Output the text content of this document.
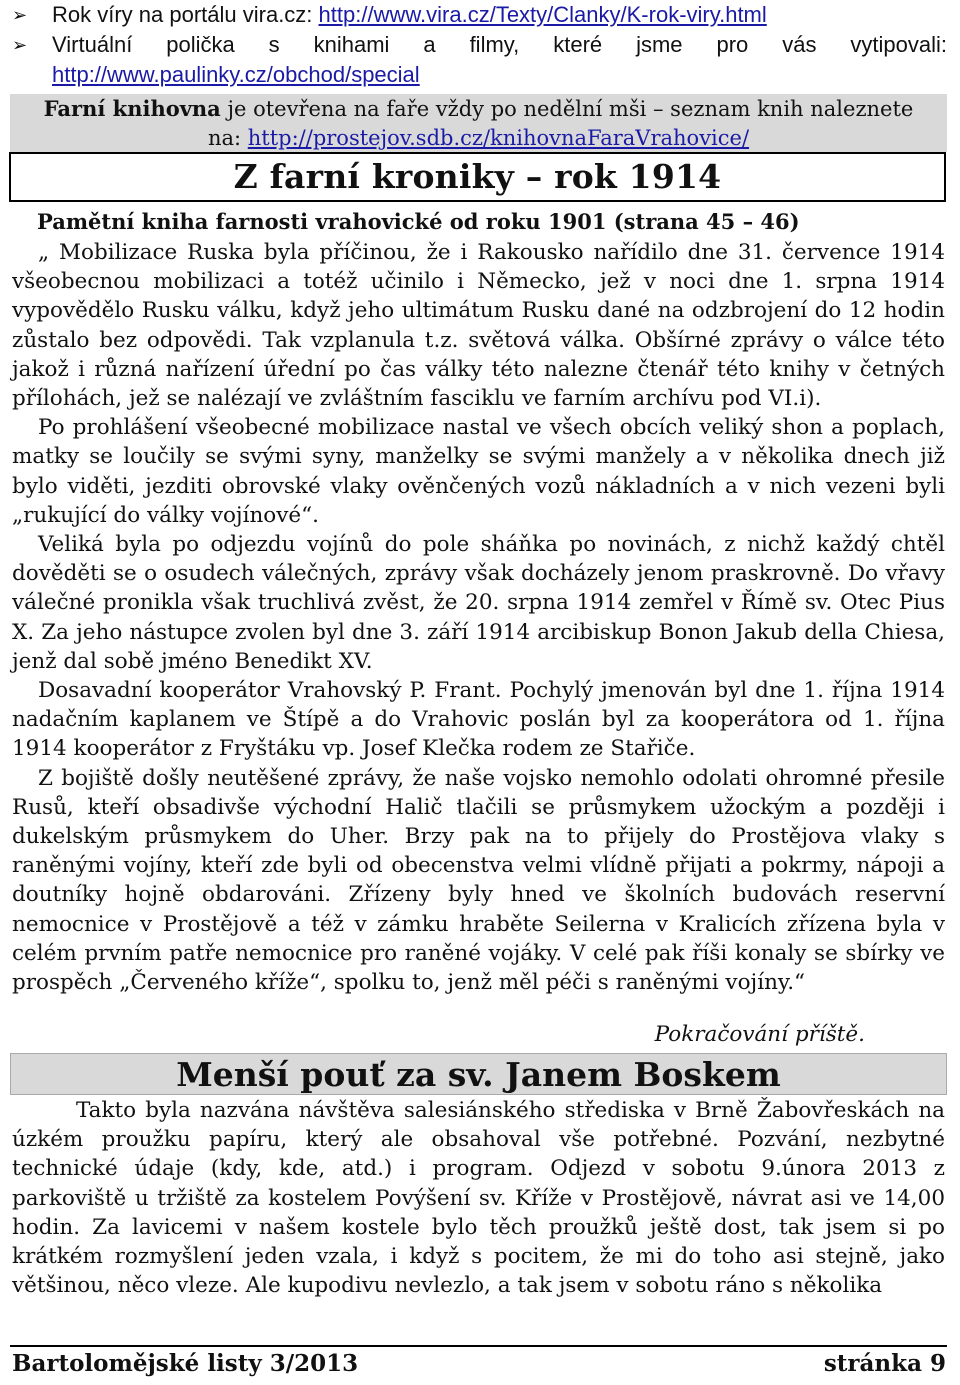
➢	Rok víry na portálu vira.cz: http://www.vira.cz/Texty/Clanky/K-rok-viry.html
➢	Virtuální polička s knihami a filmy, které jsme pro vás vytipovali: http://www.paulinky.cz/obchod/special
Farní knihovna je otevřena na faře vždy po nedělní mši – seznam knih naleznete
na: http://prostejov.sdb.cz/knihovnaFaraVrahovice/
Z farní kroniky – rok 1914
Pamětní kniha farnosti vrahovické od roku 1901 (strana 45 – 46)

„ Mobilizace Ruska byla příčinou, že i Rakousko nařídilo dne 31. července 1914 všeobecnou mobilizaci a totéž učinilo i Německo, jež v noci dne 1. srpna 1914 vypovědělo Rusku válku, když jeho ultimátum Rusku dané na odzbrojení do 12 hodin zůstalo bez odpovědi. Tak vzplanula t.z. světová válka. Obšírné zprávy o válce této jakož i různá nařízení úřední po čas války této nalezne čtenář této knihy v četných přílohách, jež se nalézají ve zvláštním fasciklu ve farním archívu pod VI.i).

Po prohlášení všeobecné mobilizace nastal ve všech obcích veliký shon a poplach, matky se loučily se svými syny, manželky se svými manžely a v několika dnech již bylo viděti, jezditi obrovské vlaky ověnčených vozů nákladních a v nich vezeni byli „rukující do války vojínové“.

Veliká byla po odjezdu vojínů do pole sháňka po novinách, z nichž každý chtěl dověděti se o osudech válečných, zprávy však docházely jenom praskrovně. Do vřavy válečné pronikla však truchlivá zvěst, že 20. srpna 1914 zemřel v Římě sv. Otec Pius X. Za jeho nástupce zvolen byl dne 3. září 1914 arcibiskup Bonon Jakub della Chiesa, jenž dal sobě jméno Benedikt XV.

Dosavadní kooperátor Vrahovský P. Frant. Pochylý jmenován byl dne 1. října 1914 nadačním kaplanem ve Štípě a do Vrahovic poslán byl za kooperátora od 1. října 1914 kooperátor z Fryštáku vp. Josef Klečka rodem ze Stařiče.

Z bojiště došly neutěšené zprávy, že naše vojsko nemohlo odolati ohromné přesile Rusů, kteří obsadivše východní Halič tlačili se průsmykem užockým a později i dukelským průsmykem do Uher. Brzy pak na to přijely do Prostějova vlaky s raněnými vojíny, kteří zde byli od obecenstva velmi vlídně přijati a pokrmy, nápoji a doutníky hojně obdarováni. Zřízeny byly hned ve školních budovách reservní nemocnice v Prostějově a též v zámku hraběte Seilerna v Kralicích zřízena byla v celém prvním patře nemocnice pro raněné vojáky. V celé pak říši konaly se sbírky ve prospěch „Červeného kříže“, spolku to, jenž měl péči s raněnými vojíny.“

Pokračování příště.
Menší pouť za sv. Janem Boskem

Takto byla nazvána návštěva salesiánského střediska v Brně Žabovřeskách na úzkém proužku papíru, který ale obsahoval vše potřebné. Pozvání, nezbytné technické údaje (kdy, kde, atd.) i program. Odjezd v sobotu 9.února 2013 z parkoviště u tržiště za kostelem Povýšení sv. Kříže v Prostějově, návrat asi ve 14,00 hodin. Za lavicemi v našem kostele bylo těch proužků ještě dost, tak jsem si po krátkém rozmyšlení jeden vzala, i když s pocitem, že mi do toho asi stejně, jako většinou, něco vleze. Ale kupodivu nevlezlo, a tak jsem v sobotu ráno s několika

Bartolomějské listy 3/2013	stránka 9
